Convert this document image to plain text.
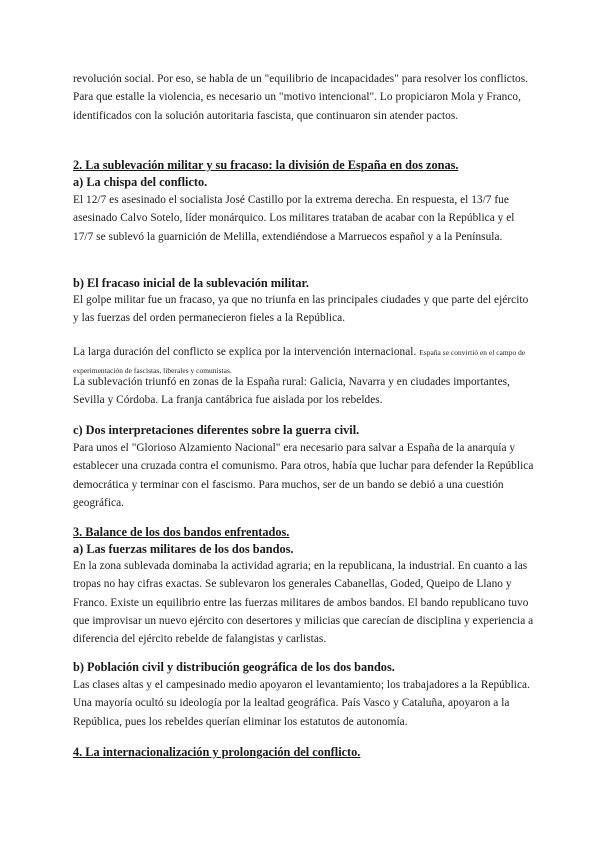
revolución social. Por eso, se habla de un "equilibrio de incapacidades" para resolver los conflictos. Para que estalle la violencia, es necesario un "motivo intencional". Lo propiciaron Mola y Franco, identificados con la solución autoritaria fascista, que continuaron sin atender pactos.

2. La sublevación militar y su fracaso: la división de España en dos zonas.

a) La chispa del conflicto.

El 12/7 es asesinado el socialista José Castillo por la extrema derecha. En respuesta, el 13/7 fue asesinado Calvo Sotelo, líder monárquico. Los militares trataban de acabar con la República y el 17/7 se sublevó la guarnición de Melilla, extendiéndose a Marruecos español y a la Península.

b) El fracaso inicial de la sublevación militar.

El golpe militar fue un fracaso, ya que no triunfa en las principales ciudades y que parte del ejército y las fuerzas del orden permanecieron fieles a la República.

La larga duración del conflicto se explica por la intervención internacional. España se convirtió en el campo de experimentación de fascistas, liberales y comunistas.

La sublevación triunfó en zonas de la España rural: Galicia, Navarra y en ciudades importantes, Sevilla y Córdoba. La franja cantábrica fue aislada por los rebeldes.

c) Dos interpretaciones diferentes sobre la guerra civil.

Para unos el "Glorioso Alzamiento Nacional" era necesario para salvar a España de la anarquía y establecer una cruzada contra el comunismo. Para otros, había que luchar para defender la República democrática y terminar con el fascismo. Para muchos, ser de un bando se debió a una cuestión geográfica.

3. Balance de los dos bandos enfrentados.

a) Las fuerzas militares de los dos bandos.

En la zona sublevada dominaba la actividad agraria; en la republicana, la industrial. En cuanto a las tropas no hay cifras exactas. Se sublevaron los generales Cabanellas, Goded, Queipo de Llano y Franco. Existe un equilibrio entre las fuerzas militares de ambos bandos. El bando republicano tuvo que improvisar un nuevo ejército con desertores y milicias que carecían de disciplina y experiencia a diferencia del ejército rebelde de falangistas y carlistas.

b) Población civil y distribución geográfica de los dos bandos.

Las clases altas y el campesinado medio apoyaron el levantamiento; los trabajadores a la República. Una mayoría ocultó su ideología por la lealtad geográfica. País Vasco y Cataluña, apoyaron a la República, pues los rebeldes querían eliminar los estatutos de autonomía.

4. La internacionalización y prolongación del conflicto.
